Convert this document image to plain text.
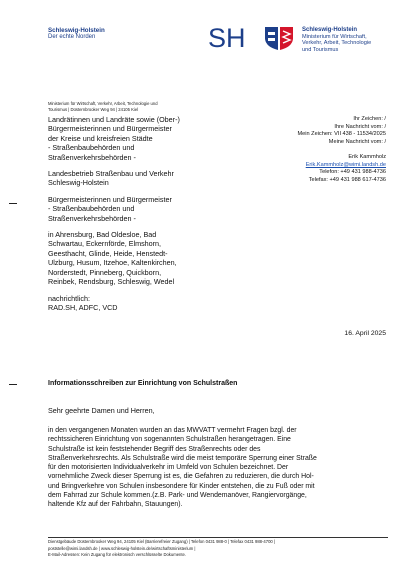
Schleswig-Holstein
Der echte Norden	SH	Schleswig-Holstein
Ministerium für Wirtschaft,
Verkehr, Arbeit, Technologie
und Tourismus
Ministerium für Wirtschaft, Verkehr, Arbeit, Technologie und
Tourismus | Düsternbrooker Weg 94 | 24105 Kiel
Landrätinnen und Landräte sowie (Ober-)
Bürgermeisterinnen und Bürgermeister
der Kreise und kreisfreien Städte
- Straßenbaubehörden und
Straßenverkehrsbehörden -
Landesbetrieb Straßenbau und Verkehr
Schleswig-Holstein
Bürgermeisterinnen und Bürgermeister
- Straßenbaubehörden und
Straßenverkehrsbehörden -
in Ahrensburg, Bad Oldesloe, Bad
Schwartau, Eckernförde, Elmshorn,
Geesthacht, Glinde, Heide, Henstedt-
Ulzburg, Husum, Itzehoe, Kaltenkirchen,
Norderstedt, Pinneberg, Quickborn,
Reinbek, Rendsburg, Schleswig, Wedel
nachrichtlich:
RAD.SH, ADFC, VCD
Ihr Zeichen: /
Ihre Nachricht vom: /
Mein Zeichen: VII 438 - 11534/2025
Meine Nachricht vom: /
Erik Kammholz
Erik.Kammholz@wimi.landsh.de
Telefon: +49 431 988-4736
Telefax: +49 431 988 617-4736
16. April 2025
Informationsschreiben zur Einrichtung von Schulstraßen
Sehr geehrte Damen und Herren,
in den vergangenen Monaten wurden an das MWVATT vermehrt Fragen bzgl. der
rechtssicheren Einrichtung von sogenannten Schulstraßen herangetragen. Eine
Schulstraße ist kein feststehender Begriff des Straßenrechts oder des
Straßenverkehrsrechts. Als Schulstraße wird die meist temporäre Sperrung einer Straße
für den motorisierten Individualverkehr im Umfeld von Schulen bezeichnet. Der
vornehmliche Zweck dieser Sperrung ist es, die Gefahren zu reduzieren, die durch Hol-
und Bringverkehre von Schulen insbesondere für Kinder entstehen, die zu Fuß oder mit
dem Fahrrad zur Schule kommen.(z.B. Park- und Wendemanöver, Rangiervorgänge,
haltende Kfz auf der Fahrbahn, Stauungen).
Dienstgebäude Düsternbrooker Weg 94, 24105 Kiel (Barrierefreier Zugang) | Telefon 0431 988-0 | Telefax 0431 988-4700 |
poststelle@wimi.landsh.de | www.schleswig-holstein.de/wirtschaftsministerium |
E-Mail-Adressen: Kein Zugang für elektronisch verschlüsselte Dokumente.
